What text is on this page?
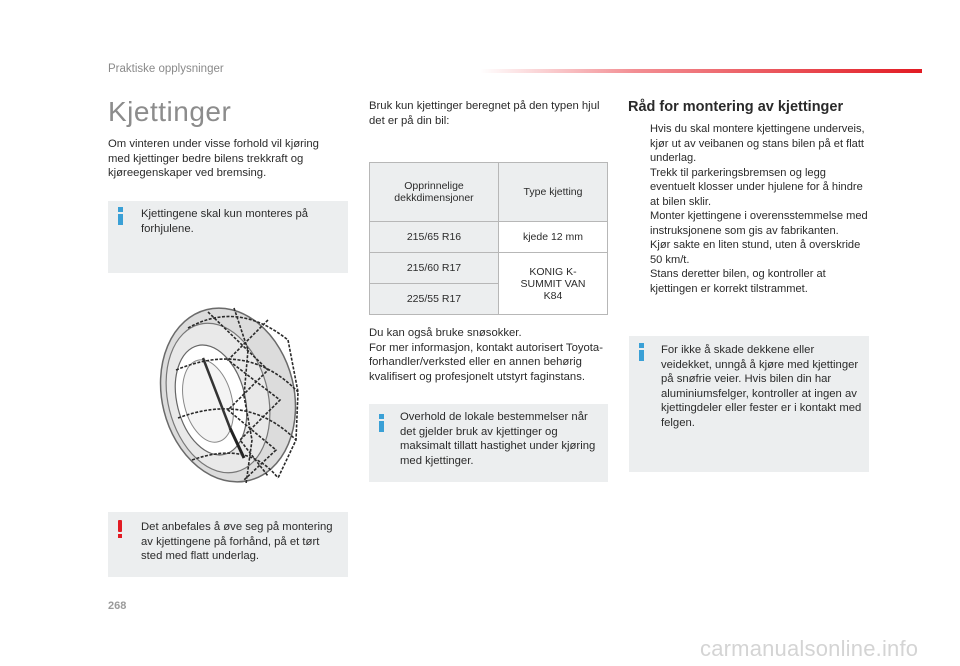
Praktiske opplysninger
Kjettinger
Om vinteren under visse forhold vil kjøring med kjettinger bedre bilens trekkraft og kjøreegenskaper ved bremsing.
Kjettingene skal kun monteres på forhjulene.
Det anbefales å øve seg på montering av kjettingene på forhånd, på et tørt sted med flatt underlag.
Bruk kun kjettinger beregnet på den typen hjul det er på din bil:
Opprinnelige dekkdimensjoner	Type kjetting
215/65 R16	kjede 12 mm
215/60 R17	KONIG K-SUMMIT VAN K84
225/55 R17	
Du kan også bruke snøsokker.
For mer informasjon, kontakt autorisert Toyota-forhandler/verksted eller en annen behørig kvalifisert og profesjonelt utstyrt faginstans.
Overhold de lokale bestemmelser når det gjelder bruk av kjettinger og maksimalt tillatt hastighet under kjøring med kjettinger.
Råd for montering av kjettinger
Hvis du skal montere kjettingene underveis, kjør ut av veibanen og stans bilen på et flatt underlag.
Trekk til parkeringsbremsen og legg eventuelt klosser under hjulene for å hindre at bilen sklir.
Monter kjettingene i overensstemmelse med instruksjonene som gis av fabrikanten.
Kjør sakte en liten stund, uten å overskride 50 km/t.
Stans deretter bilen, og kontroller at kjettingen er korrekt tilstrammet.
For ikke å skade dekkene eller veidekket, unngå å kjøre med kjettinger på snøfrie veier. Hvis bilen din har aluminiumsfelger, kontroller at ingen av kjettingdeler eller fester er i kontakt med felgen.
268
carmanualsonline.info
